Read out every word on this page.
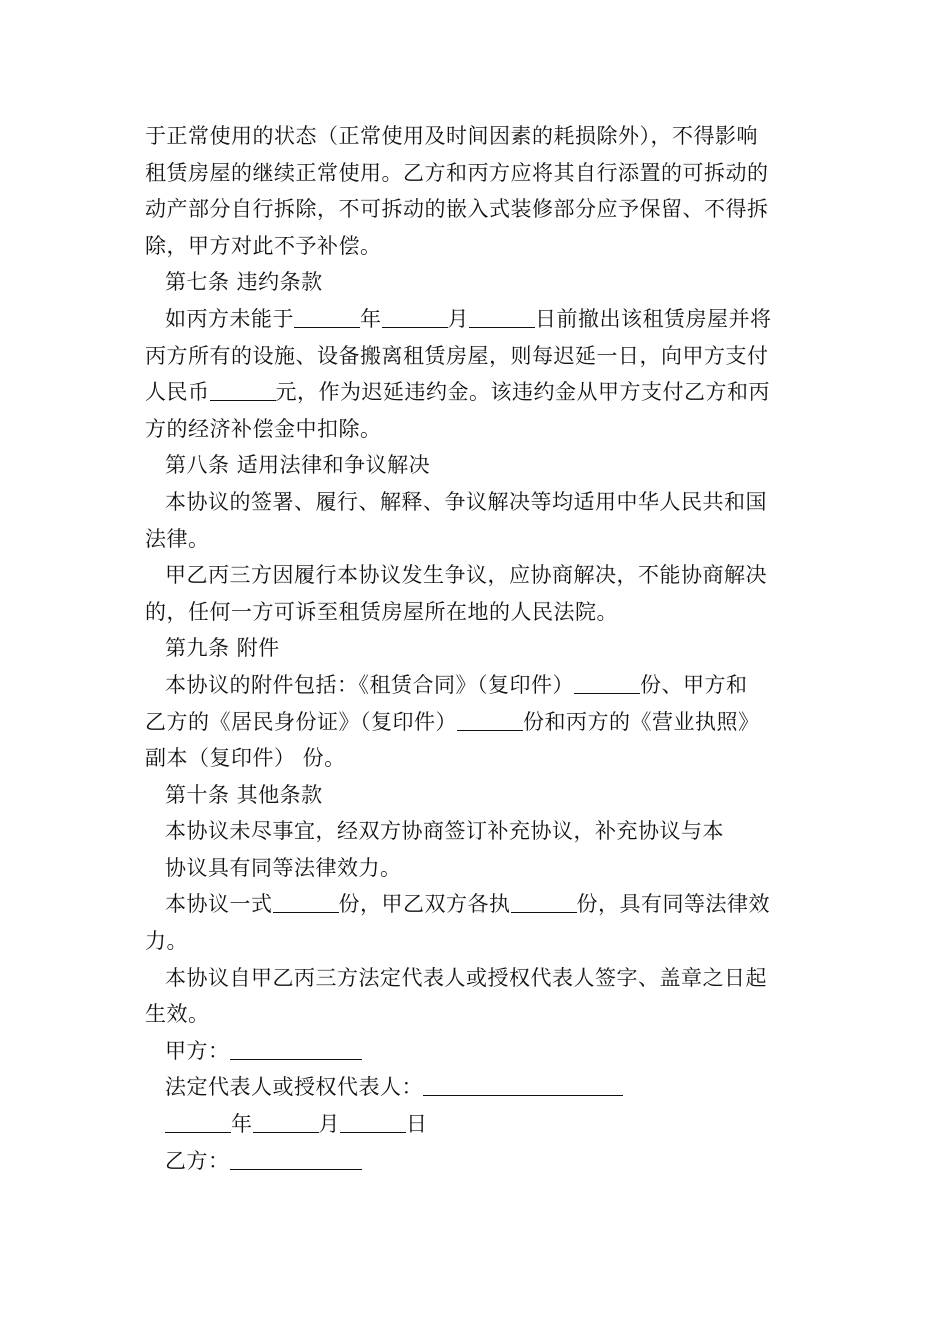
于正常使用的状态（正常使用及时间因素的耗损除外），不得影响
租赁房屋的继续正常使用。乙方和丙方应将其自行添置的可拆动的
动产部分自行拆除，不可拆动的嵌入式装修部分应予保留、不得拆
除，甲方对此不予补偿。
第七条 违约条款
如丙方未能于	年	月	日前撤出该租赁房屋并将
丙方所有的设施、设备搬离租赁房屋，则每迟延一日，向甲方支付
人民币	元，作为迟延违约金。该违约金从甲方支付乙方和丙
方的经济补偿金中扣除。
第八条 适用法律和争议解决
本协议的签署、履行、解释、争议解决等均适用中华人民共和国
法律。
甲乙丙三方因履行本协议发生争议，应协商解决，不能协商解决
的，任何一方可诉至租赁房屋所在地的人民法院。
第九条 附件
本协议的附件包括：《租赁合同》（复印件）	份、甲方和
乙方的《居民身份证》（复印件）	份和丙方的《营业执照》
副本（复印件） 份。
第十条 其他条款
本协议未尽事宜，经双方协商签订补充协议，补充协议与本
协议具有同等法律效力。
本协议一式	份，甲乙双方各执	份，具有同等法律效
力。
本协议自甲乙丙三方法定代表人或授权代表人签字、盖章之日起
生效。
甲方：
法定代表人或授权代表人：
年	月	日
乙方：
